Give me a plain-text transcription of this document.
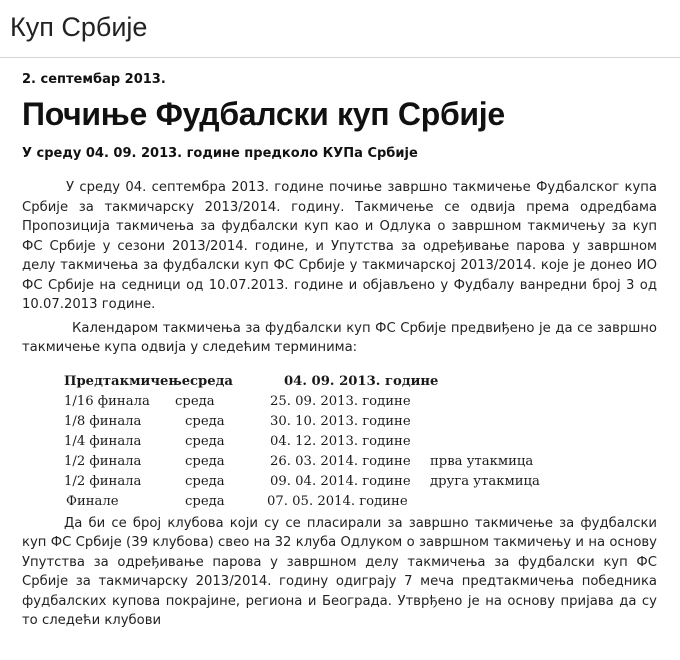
Куп Србије

2. септембар 2013.

Почиње Фудбалски куп Србије

У среду 04. 09. 2013. године предколо КУПа Србије

У среду 04. септембра 2013. године почиње завршно такмичење Фудбалског купа Србије за такмичарску 2013/2014. годину. Такмичење се одвија према одредбама Пропозиција такмичења за фудбалски куп као и Одлука о завршном такмичењу за куп ФС Србије у сезони 2013/2014. године, и Упутства за одређивање парова у завршном делу такмичења за фудбалски куп ФС Србије у такмичарској 2013/2014. које је донео ИО ФС Србије на седници од 10.07.2013. године и објављено у Фудбалу ванредни број 3 од 10.07.2013 године.

Календаром такмичења за фудбалски куп ФС Србије предвиђено је да се завршно такмичење купа одвија у следећим терминима:

Предтакмичење среда	04. 09. 2013. године
1/16 финала среда	25. 09. 2013. године
1/8 финала	среда	30. 10. 2013. године
1/4 финала	среда	04. 12. 2013. године
1/2 финала	среда	26. 03. 2014. године прва утакмица
1/2 финала	среда	09. 04. 2014. године друга утакмица
Финале	среда	07. 05. 2014. године

Да би се број клубова који су се пласирали за завршно такмичење за фудбалски куп ФС Србије (39 клубова) свео на 32 клуба Одлуком о завршном такмичењу и на основу Упутства за одређивање парова у завршном делу такмичења за фудбалски куп ФС Србије за такмичарску 2013/2014. годину одиграју 7 меча предтакмичења победника фудбалских купова покрајине, региона и Београда. Утврђено је на основу пријава да су то следећи клубови
